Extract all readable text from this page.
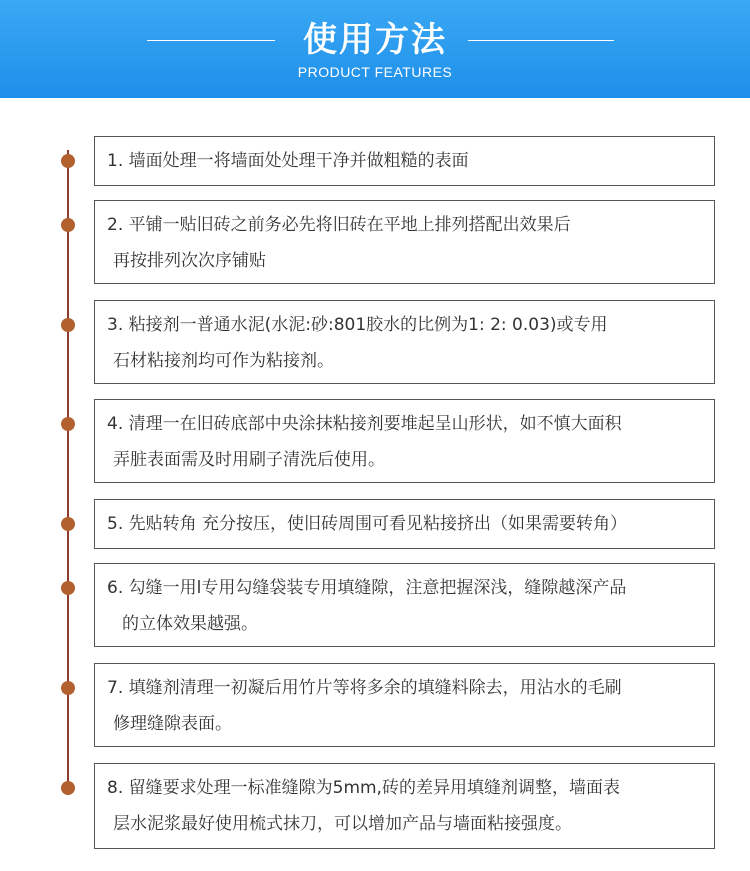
使用方法
PRODUCT FEATURES
1. 墙面处理一将墙面处处理干净并做粗糙的表面
2. 平铺一贴旧砖之前务必先将旧砖在平地上排列搭配出效果后
再按排列次次序铺贴
3. 粘接剂一普通水泥(水泥:砂:801胶水的比例为1: 2: 0.03)或专用
石材粘接剂均可作为粘接剂。
4. 清理一在旧砖底部中央涂抹粘接剂要堆起呈山形状，如不慎大面积
弄脏表面需及时用刷子清洗后使用。
5. 先贴转角 充分按压，使旧砖周围可看见粘接挤出（如果需要转角）
6. 勾缝一用l专用勾缝袋装专用填缝隙，注意把握深浅，缝隙越深产品
的立体效果越强。
7. 填缝剂清理一初凝后用竹片等将多余的填缝料除去，用沾水的毛刷
修理缝隙表面。
8. 留缝要求处理一标准缝隙为5mm,砖的差异用填缝剂调整，墙面表
层水泥浆最好使用梳式抹刀，可以增加产品与墙面粘接强度。
